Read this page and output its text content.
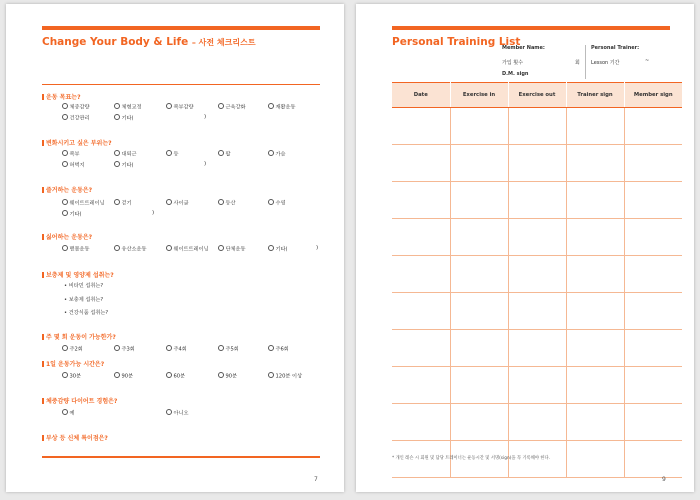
Change Your Body & Life – 사전 체크리스트
운동 목표는?
체중감량	체형교정	복부감량	근육강화	재활운동
건강관리	기타(	)
변화시키고 싶은 부위는?
복부	대퇴근	등	팔	가슴
허벅지	기타(	)
즐거하는 운동은?
웨이트트레이닝	걷기	사이클	등산	수영
기타(	)
싫어하는 운동은?
맨몸운동	유산소운동	웨이트트레이닝	단체운동	기타(	)
보충제 및 영양제 섭취는?
• 비타민 섭취는?
• 보충제 섭취는?
• 건강식품 섭취는?
주 몇 회 운동이 가능한가?
주2회	주3회	주4회	주5회	주6회
1일 운동가능 시간은?
30분	90분	60분	90분	120분 이상
체중감량 다이어트 경험은?
예	아니오
부상 등 신체 특이점은?
7
Personal Training List
Member Name:
가입 횟수	회
D.M. sign
Personal Trainer:
Lesson 기간	~
Date	Exercise in	Exercise out	Trainer sign	Member sign

* 개인 레슨 시 회원 및 담당 트레이너는 운동시간 및 서명(sign)을 꼭 기록해야 한다.
9
